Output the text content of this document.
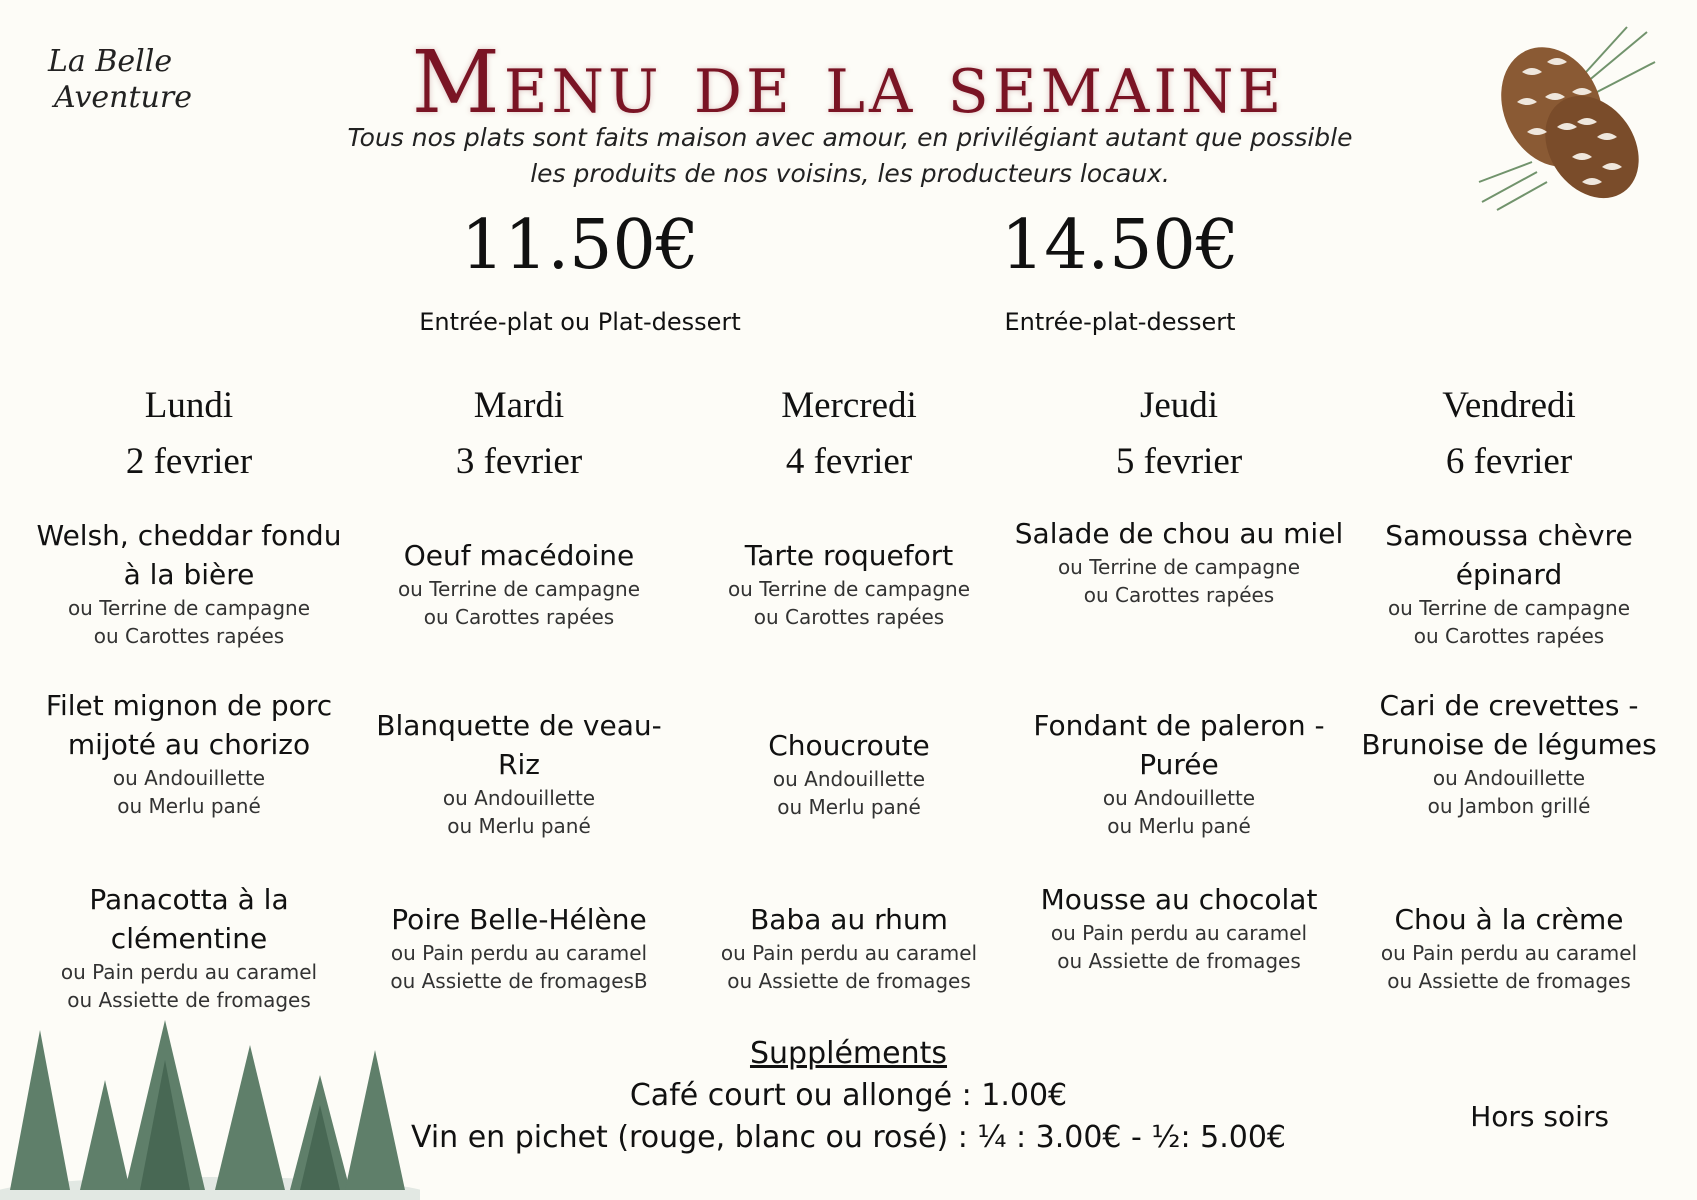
La Belle
Aventure	Menu de la semaine
Tous nos plats sont faits maison avec amour, en privilégiant autant que possible
les produits de nos voisins, les producteurs locaux.
11.50€
Entrée-plat ou Plat-dessert
14.50€
Entrée-plat-dessert
Lundi
2 fevrier
Mardi
3 fevrier
Mercredi
4 fevrier
Jeudi
5 fevrier
Vendredi
6 fevrier
Welsh, cheddar fondu à la bière
ou Terrine de campagne
ou Carottes rapées
Oeuf macédoine
ou Terrine de campagne
ou Carottes rapées
Tarte roquefort
ou Terrine de campagne
ou Carottes rapées
Salade de chou au miel
ou Terrine de campagne
ou Carottes rapées
Samoussa chèvre épinard
ou Terrine de campagne
ou Carottes rapées
Filet mignon de porc mijoté au chorizo
ou Andouillette
ou Merlu pané
Blanquette de veau- Riz
ou Andouillette
ou Merlu pané
Choucroute
ou Andouillette
ou Merlu pané
Fondant de paleron - Purée
ou Andouillette
ou Merlu pané
Cari de crevettes - Brunoise de légumes
ou Andouillette
ou Jambon grillé
Panacotta à la clémentine
ou Pain perdu au caramel
ou Assiette de fromages
Poire Belle-Hélène
ou Pain perdu au caramel
ou Assiette de fromagesB
Baba au rhum
ou Pain perdu au caramel
ou Assiette de fromages
Mousse au chocolat
ou Pain perdu au caramel
ou Assiette de fromages
Chou à la crème
ou Pain perdu au caramel
ou Assiette de fromages
Suppléments
Café court ou allongé : 1.00€
Vin en pichet (rouge, blanc ou rosé) : ¼ : 3.00€ - ½: 5.00€
Hors soirs
